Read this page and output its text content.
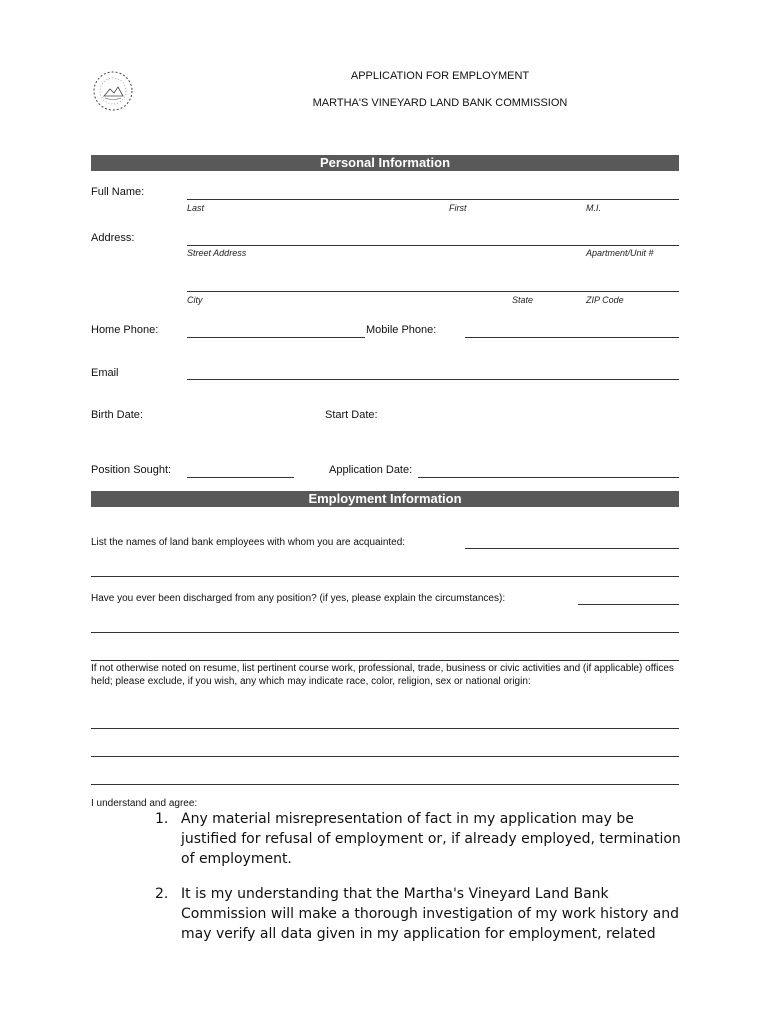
APPLICATION FOR EMPLOYMENT
MARTHA'S VINEYARD LAND BANK COMMISSION
Personal Information
Full Name:
Last	First	M.I.
Address:
Street Address	Apartment/Unit #
City	State	ZIP Code
Home Phone:	Mobile Phone:
Email
Birth Date:	Start Date:
Position Sought:	Application Date:
Employment Information
List the names of land bank employees with whom you are acquainted:
Have you ever been discharged from any position? (if yes, please explain the circumstances):
If not otherwise noted on resume, list pertinent course work, professional, trade, business or civic activities and (if applicable) offices held; please exclude, if you wish, any which may indicate race, color, religion, sex or national origin:
I understand and agree:
1. Any material misrepresentation of fact in my application may be justified for refusal of employment or, if already employed, termination of employment.
2. It is my understanding that the Martha's Vineyard Land Bank Commission will make a thorough investigation of my work history and may verify all data given in my application for employment, related
